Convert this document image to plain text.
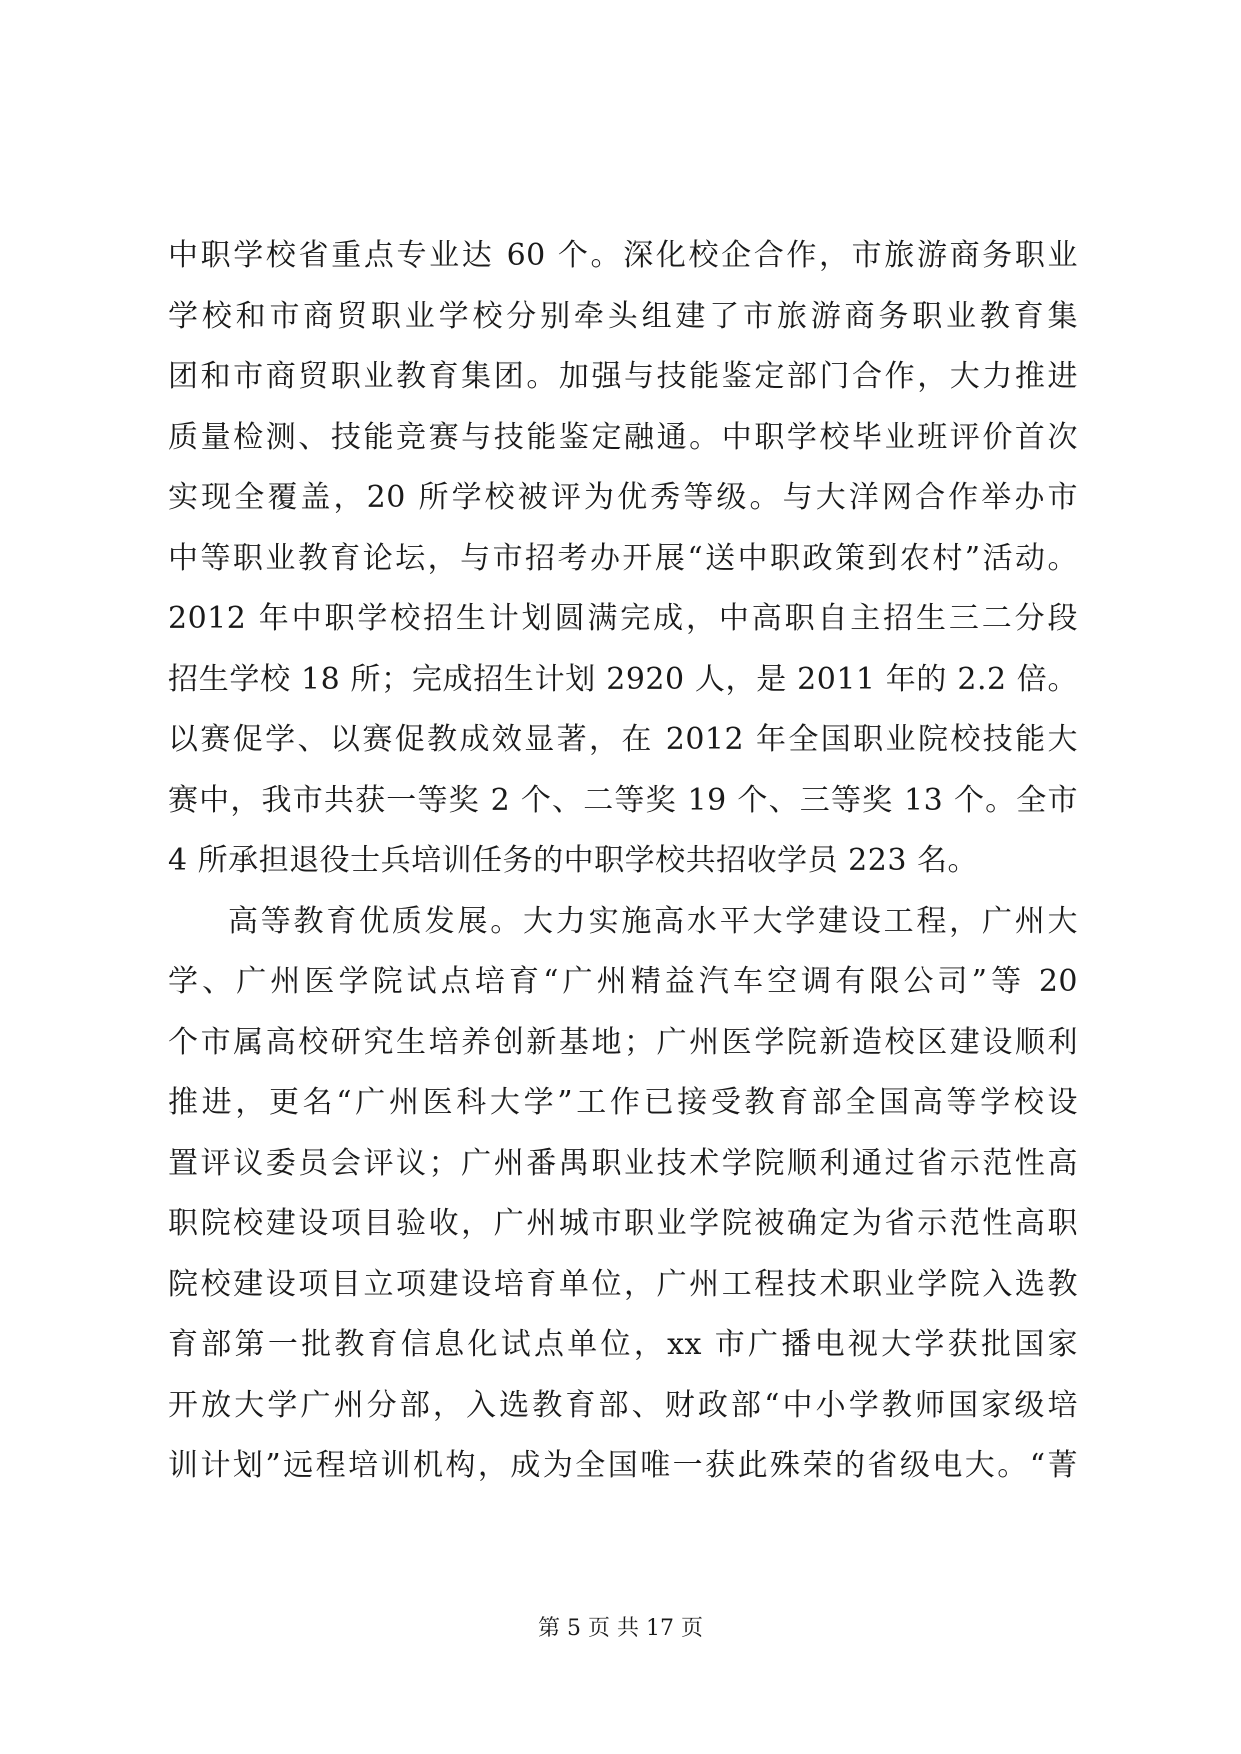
中职学校省重点专业达 60 个。深化校企合作，市旅游商务职业
学校和市商贸职业学校分别牵头组建了市旅游商务职业教育集
团和市商贸职业教育集团。加强与技能鉴定部门合作，大力推进
质量检测、技能竞赛与技能鉴定融通。中职学校毕业班评价首次
实现全覆盖，20 所学校被评为优秀等级。与大洋网合作举办市
中等职业教育论坛，与市招考办开展“送中职政策到农村”活动。
2012 年中职学校招生计划圆满完成，中高职自主招生三二分段
招生学校 18 所；完成招生计划 2920 人，是 2011 年的 2.2 倍。
以赛促学、以赛促教成效显著，在 2012 年全国职业院校技能大
赛中，我市共获一等奖 2 个、二等奖 19 个、三等奖 13 个。全市
4 所承担退役士兵培训任务的中职学校共招收学员 223 名。
高等教育优质发展。大力实施高水平大学建设工程，广州大
学、广州医学院试点培育“广州精益汽车空调有限公司”等 20
个市属高校研究生培养创新基地；广州医学院新造校区建设顺利
推进，更名“广州医科大学”工作已接受教育部全国高等学校设
置评议委员会评议；广州番禺职业技术学院顺利通过省示范性高
职院校建设项目验收，广州城市职业学院被确定为省示范性高职
院校建设项目立项建设培育单位，广州工程技术职业学院入选教
育部第一批教育信息化试点单位，xx 市广播电视大学获批国家
开放大学广州分部，入选教育部、财政部“中小学教师国家级培
训计划”远程培训机构，成为全国唯一获此殊荣的省级电大。“菁
第 5 页 共 17 页
